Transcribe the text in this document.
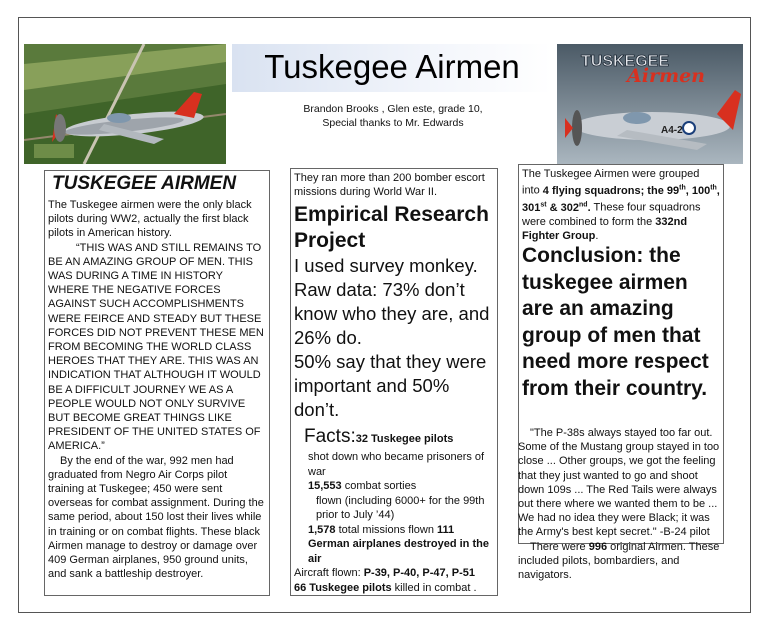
Tuskegee Airmen
Brandon Brooks , Glen este, grade 10,
Special thanks to Mr. Edwards
TUSKEGEE
Airmen
A4-2
TUSKEGEE AIRMEN

The Tuskegee airmen were the only black pilots during WW2, actually the first black pilots in American history.

“THIS WAS AND STILL REMAINS TO BE AN AMAZING GROUP OF MEN. THIS WAS DURING A TIME IN HISTORY WHERE THE NEGATIVE FORCES AGAINST SUCH ACCOMPLISHMENTS WERE FEIRCE AND STEADY BUT THESE FORCES DID NOT PREVENT THESE MEN FROM BECOMING THE WORLD CLASS HEROES THAT THEY ARE. THIS WAS AN INDICATION THAT ALTHOUGH IT WOULD BE A DIFFICULT JOURNEY WE AS A PEOPLE WOULD NOT ONLY SURVIVE BUT BECOME GREAT THINGS LIKE PRESIDENT OF THE UNITED STATES OF AMERICA.”

By the end of the war, 992 men had graduated from Negro Air Corps pilot training at Tuskegee; 450 were sent overseas for combat assignment. During the same period, about 150 lost their lives while in training or on combat flights. These black Airmen manage to destroy or damage over 409 German airplanes, 950 ground units, and sank a battleship destroyer.

They ran more than 200 bomber escort missions during World War II.

Empirical Research Project

I used survey monkey. Raw data: 73% don’t know who they are, and 26% do.

50% say that they were important and 50% don’t.

Facts:32 Tuskegee pilots

shot down who became prisoners of war

15,553 combat sorties

flown (including 6000+ for the 99th prior to July ’44)

1,578 total missions flown 111 German airplanes destroyed in the air

Aircraft flown: P-39, P-40, P-47, P-51

66 Tuskegee pilots killed in combat .

The Tuskegee Airmen were grouped into 4 flying squadrons; the 99th, 100th, 301st & 302nd. These four squadrons were combined to form the 332nd Fighter Group.

Conclusion: the tuskegee airmen are an amazing group of men that need more respect from their country.

"The P-38s always stayed too far out. Some of the Mustang group stayed in too close ... Other groups, we got the feeling that they just wanted to go and shoot down 109s ... The Red Tails were always out there where we wanted them to be ... We had no idea they were Black; it was the Army's best kept secret." -B-24 pilot

There were 996 original Airmen. These included pilots, bombardiers, and navigators.
